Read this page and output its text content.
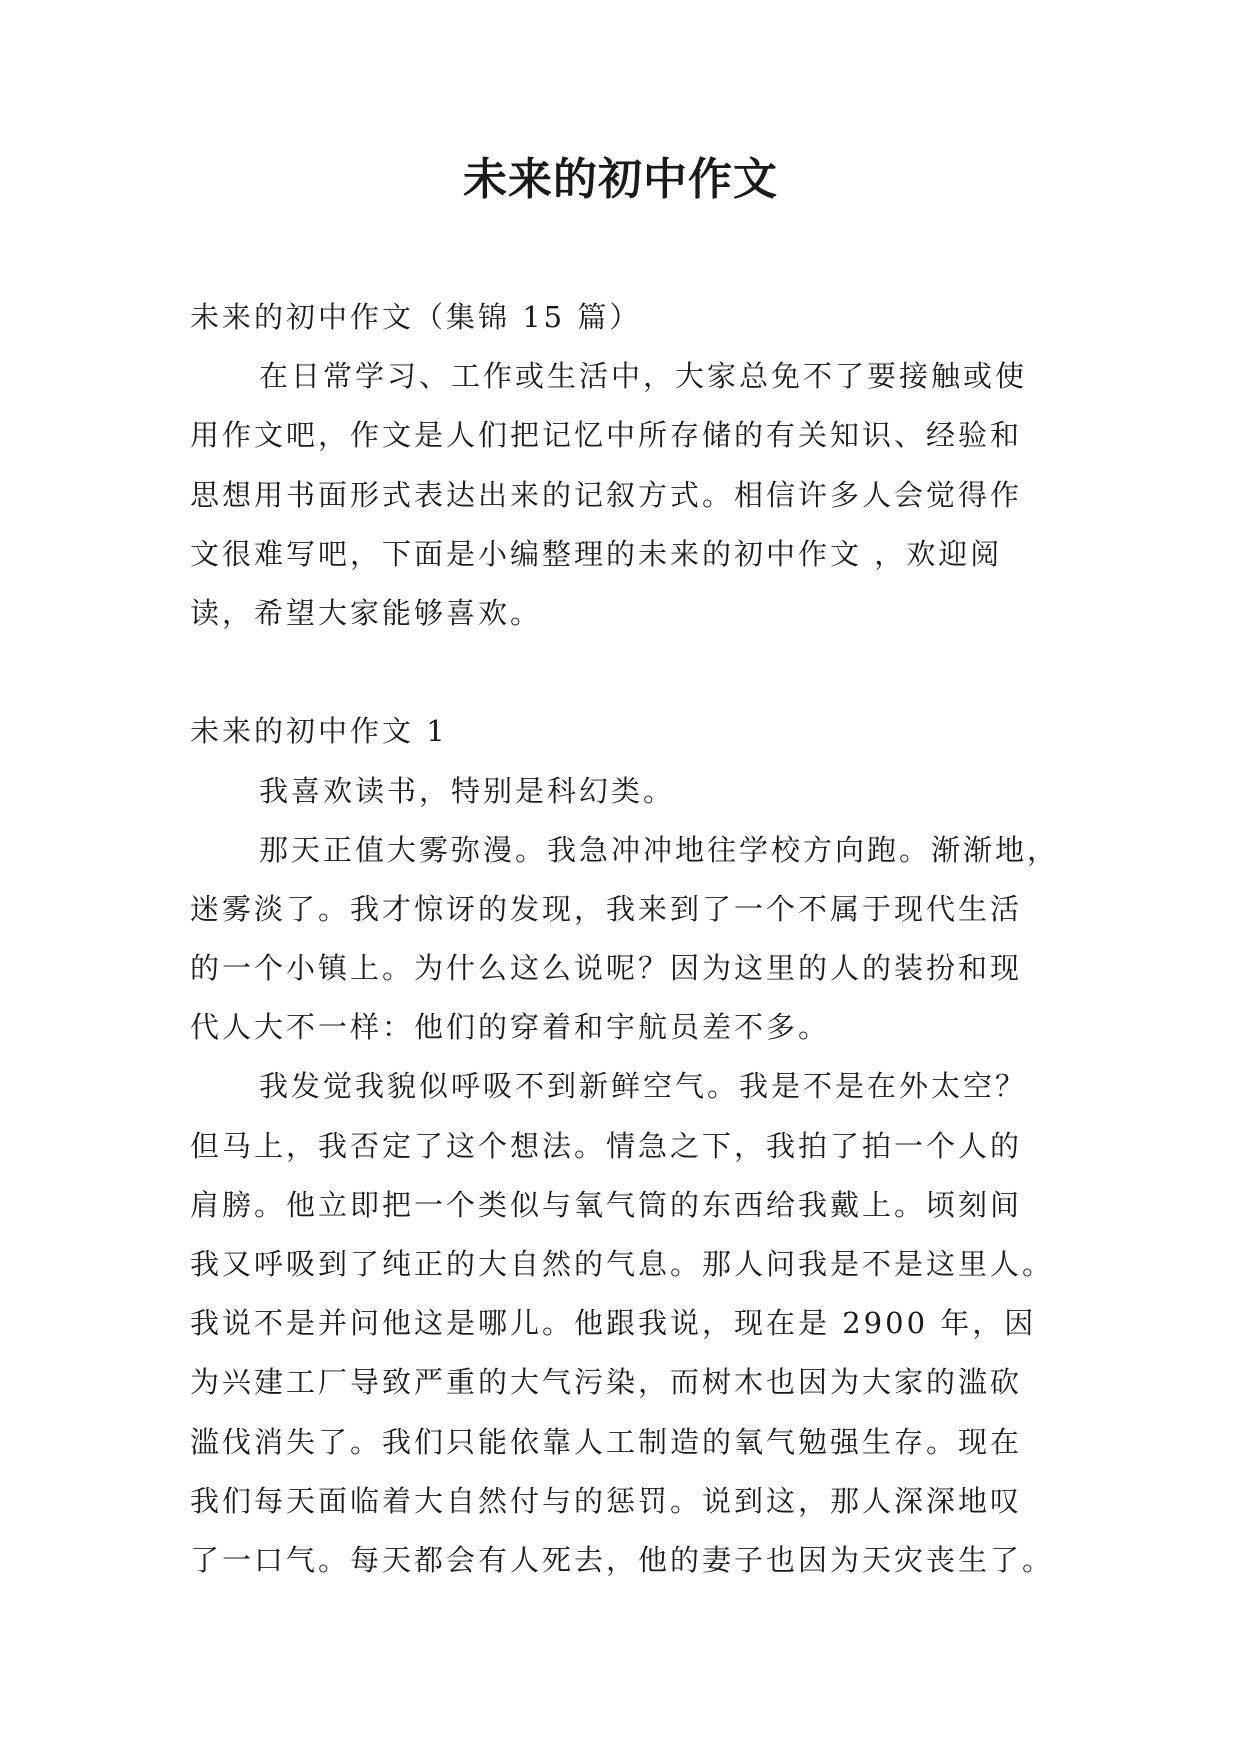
未来的初中作文
未来的初中作文（集锦 15 篇）
在日常学习、工作或生活中，大家总免不了要接触或使
用作文吧，作文是人们把记忆中所存储的有关知识、经验和
思想用书面形式表达出来的记叙方式。相信许多人会觉得作
文很难写吧，下面是小编整理的未来的初中作文 ，欢迎阅
读，希望大家能够喜欢。
未来的初中作文 1
我喜欢读书，特别是科幻类。
那天正值大雾弥漫。我急冲冲地往学校方向跑。渐渐地，
迷雾淡了。我才惊讶的发现，我来到了一个不属于现代生活
的一个小镇上。为什么这么说呢？因为这里的人的装扮和现
代人大不一样：他们的穿着和宇航员差不多。
我发觉我貌似呼吸不到新鲜空气。我是不是在外太空？
但马上，我否定了这个想法。情急之下，我拍了拍一个人的
肩膀。他立即把一个类似与氧气筒的东西给我戴上。顷刻间
我又呼吸到了纯正的大自然的气息。那人问我是不是这里人。
我说不是并问他这是哪儿。他跟我说，现在是 2900 年，因
为兴建工厂导致严重的大气污染，而树木也因为大家的滥砍
滥伐消失了。我们只能依靠人工制造的氧气勉强生存。现在
我们每天面临着大自然付与的惩罚。说到这，那人深深地叹
了一口气。每天都会有人死去，他的妻子也因为天灾丧生了。
